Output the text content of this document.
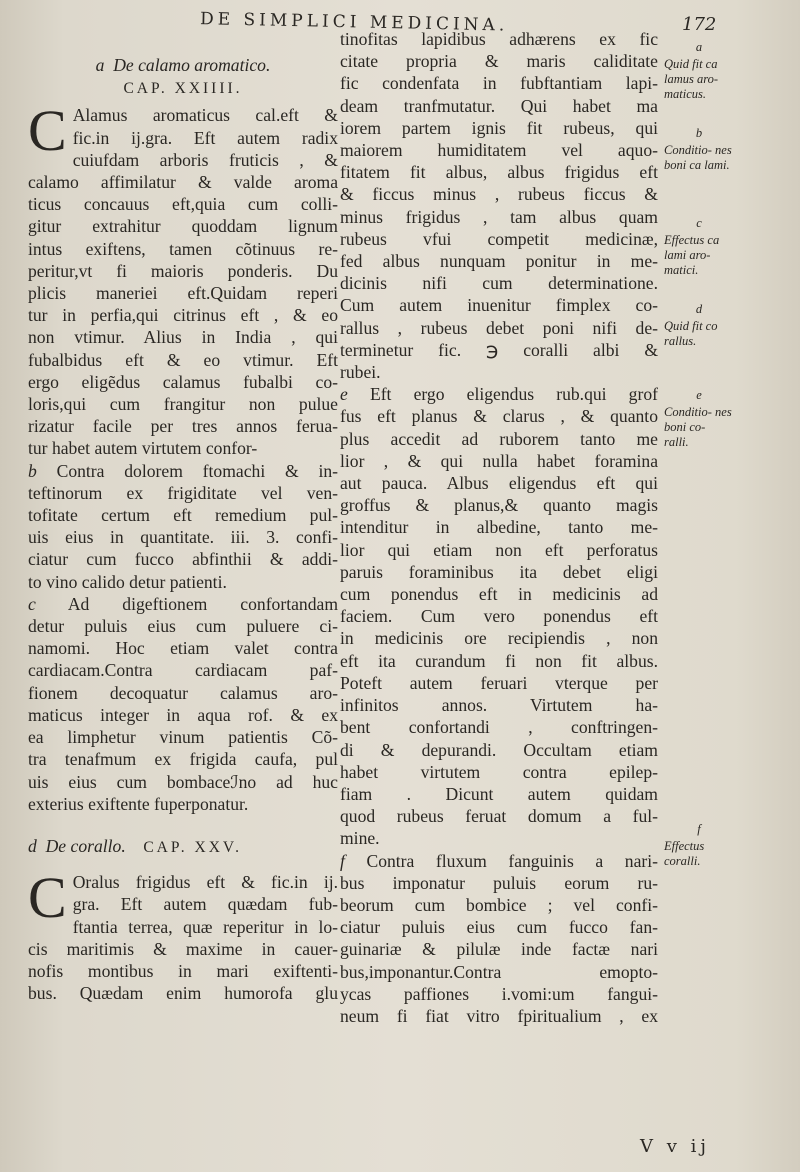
DE SIMPLICI MEDICINA.	172
a De calamo aromatico.
CAP. XXIIII.
C Alamus aromaticus cal.eft &
fic.in ij.gra. Eft autem radix
cuiufdam arboris fruticis , &
calamo affimilatur & valde aroma
ticus concauus eft,quia cum colli-
gitur extrahitur quoddam lignum
intus exiftens, tamen cõtinuus re-
peritur,vt fi maioris ponderis. Du
plicis maneriei eft.Quidam reperi
tur in perfia,qui citrinus eft , & eo
non vtimur. Alius in India , qui
fubalbidus eft & eo vtimur. Eft
ergo eligẽdus calamus fubalbi co-
loris,qui cum frangitur non pulue
rizatur facile per tres annos ferua-
tur habet autem virtutem confor-
b Contra dolorem ftomachi & in-
teftinorum ex frigiditate vel ven-
tofitate certum eft remedium pul-
uis eius in quantitate. iii. 3. confi-
ciatur cum fucco abfinthii & addi-
to vino calido detur patienti.
c Ad digeftionem confortandam
detur puluis eius cum puluere ci-
namomi. Hoc etiam valet contra
cardiacam.Contra cardiacam paf-
fionem decoquatur calamus aro-
maticus integer in aqua rof. & ex
ea limphetur vinum patientis Cõ-
tra tenafmum ex frigida caufa, pul
uis eius cum bombaceℐno ad huc
exterius exiftente fuperponatur.
d De corallo. CAP. XXV.
C Oralus frigidus eft & fic.in ij.
gra. Eft autem quædam fub-
ftantia terrea, quæ reperitur in lo-
cis maritimis & maxime in cauer-
nofis montibus in mari exiftenti-
bus. Quædam enim humorofa glu
tinofitas lapidibus adhærens ex fic
citate propria & maris caliditate
fic condenfata in fubftantiam lapi-
deam tranfmutatur. Qui habet ma
iorem partem ignis fit rubeus, qui
maiorem humiditatem vel aquo-
fitatem fit albus, albus frigidus eft
& ficcus minus , rubeus ficcus &
minus frigidus , tam albus quam
rubeus vfui competit medicinæ,
fed albus nunquam ponitur in me-
dicinis nifi cum determinatione.
Cum autem inuenitur fimplex co-
rallus , rubeus debet poni nifi de-
terminetur fic. ℈ coralli albi &
rubei.
e Eft ergo eligendus rub.qui grof
fus eft planus & clarus , & quanto
plus accedit ad ruborem tanto me
lior , & qui nulla habet foramina
aut pauca. Albus eligendus eft qui
groffus & planus,& quanto magis
intenditur in albedine, tanto me-
lior qui etiam non eft perforatus
paruis foraminibus ita debet eligi
cum ponendus eft in medicinis ad
faciem. Cum vero ponendus eft
in medicinis ore recipiendis , non
eft ita curandum fi non fit albus.
Poteft autem feruari vterque per
infinitos annos. Virtutem ha-
bent confortandi , conftringen-
di & depurandi. Occultam etiam
habet virtutem contra epilep-
fiam . Dicunt autem quidam
quod rubeus feruat domum a ful-
mine.
f Contra fluxum fanguinis a nari-
bus imponatur puluis eorum ru-
beorum cum bombice ; vel confi-
ciatur puluis eius cum fucco fan-
guinariæ & pilulæ inde factæ nari
bus,imponantur.Contra emopto-
ycas paffiones i.vomi:um fangui-
neum fi fiat vitro fpiritualium , ex
a
Quid fit ca lamus aro- maticus.
b
Conditio- nes boni ca lami.
c
Effectus ca lami aro- matici.
d
Quid fit co rallus.
e
Conditio- nes boni co- ralli.
f
Effectus coralli.
V v ij
